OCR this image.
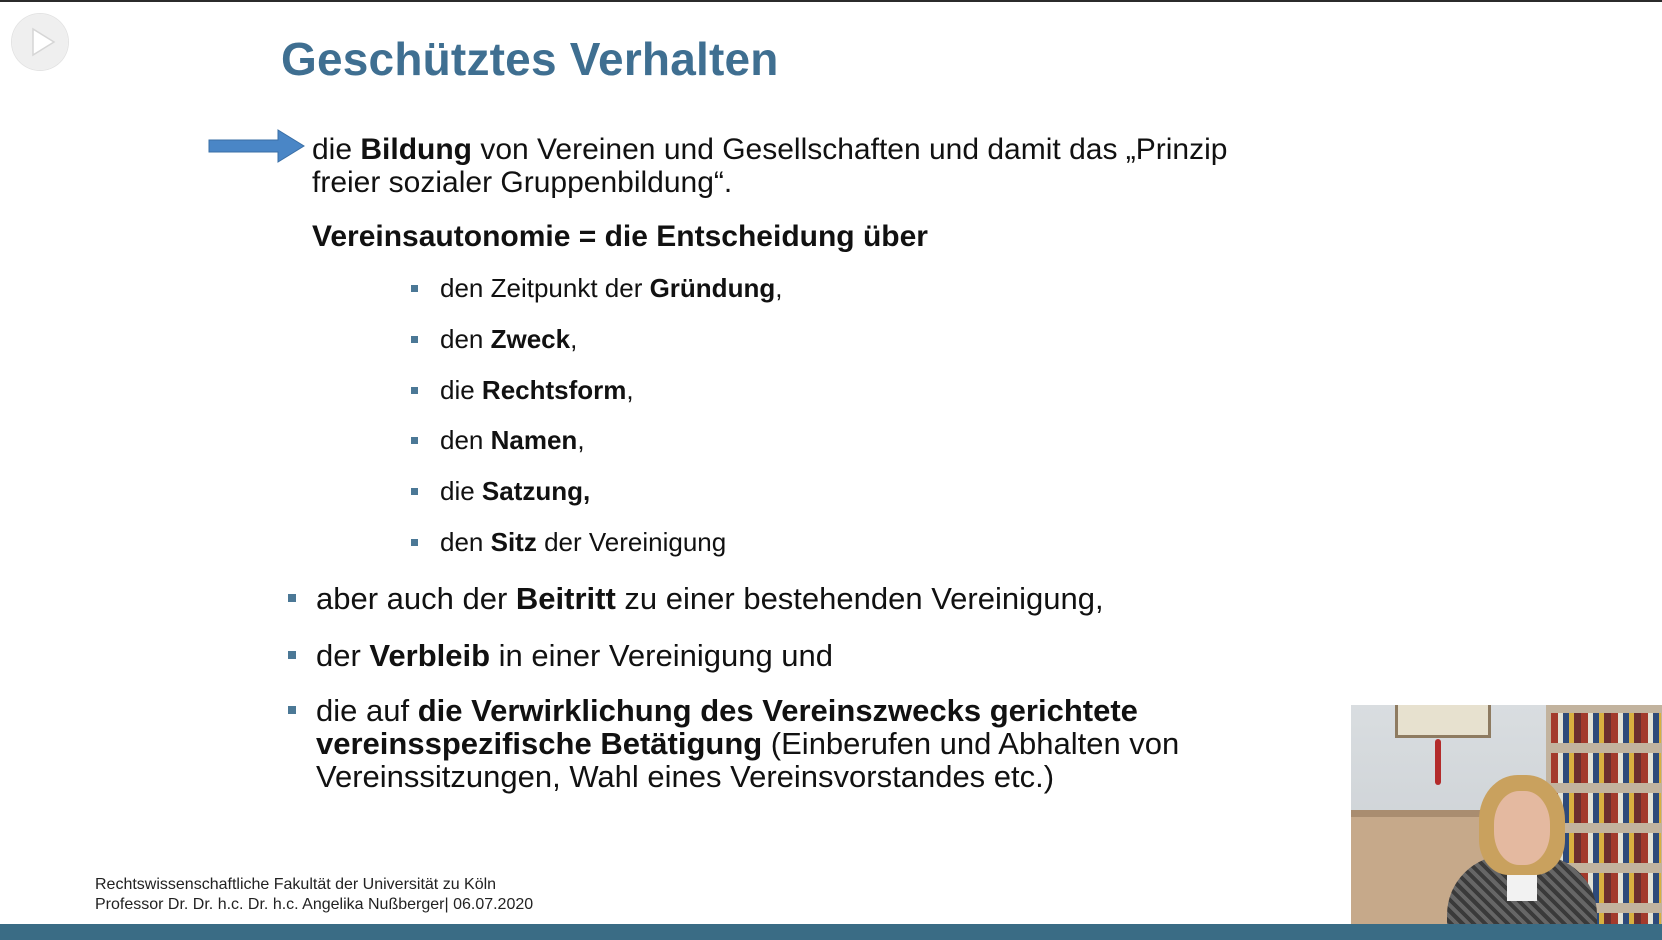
Geschütztes Verhalten
die Bildung von Vereinen und Gesellschaften und damit das „Prinzip
freier sozialer Gruppenbildung“.
Vereinsautonomie = die Entscheidung über
den Zeitpunkt der Gründung,
den Zweck,
die Rechtsform,
den Namen,
die Satzung,
den Sitz der Vereinigung
aber auch der Beitritt zu einer bestehenden Vereinigung,
der Verbleib in einer Vereinigung und
die auf die Verwirklichung des Vereinszwecks gerichtete
vereinsspezifische Betätigung (Einberufen und Abhalten von
Vereinssitzungen, Wahl eines Vereinsvorstandes etc.)
Rechtswissenschaftliche Fakultät der Universität zu Köln
Professor Dr. Dr. h.c. Dr. h.c. Angelika Nußberger| 06.07.2020
